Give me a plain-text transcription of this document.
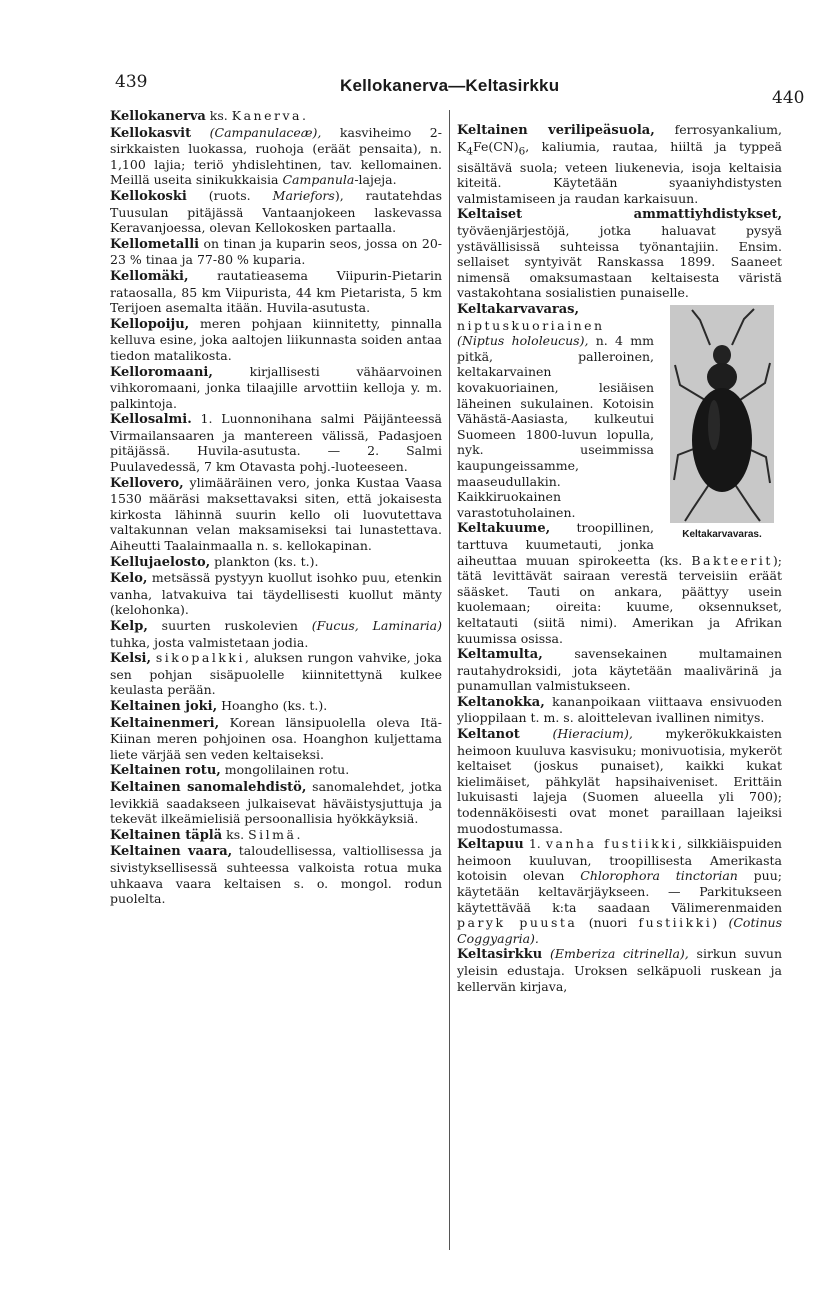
439	Kellokanerva—Keltasirkku
440

Kellokanerva ks. Kanerva.

Kellokasvit (Campanulaceæ), kasviheimo 2-sirkkaisten luokassa, ruohoja (eräät pensaita), n. 1,100 lajia; teriö yhdislehtinen, tav. kellomainen. Meillä useita sinikukkaisia Campanula-lajeja.

Kellokoski (ruots. Mariefors), rautatehdas Tuusulan pitäjässä Vantaanjokeen laskevassa Keravanjoessa, olevan Kellokosken partaalla.

Kellometalli on tinan ja kuparin seos, jossa on 20-23 % tinaa ja 77-80 % kuparia.

Kellomäki, rautatieasema Viipurin-Pietarin rataosalla, 85 km Viipurista, 44 km Pietarista, 5 km Terijoen asemalta itään. Huvila-asutusta.

Kellopoiju, meren pohjaan kiinnitetty, pinnalla kelluva esine, joka aaltojen liikunnasta soiden antaa tiedon matalikosta.

Kelloromaani, kirjallisesti vähäarvoinen vihkoromaani, jonka tilaajille arvottiin kelloja y. m. palkintoja.

Kellosalmi. 1. Luonnonihana salmi Päijänteessä Virmailansaaren ja mantereen välissä, Padasjoen pitäjässä. Huvila-asutusta. — 2. Salmi Puulavedessä, 7 km Otavasta pohj.-luoteeseen.

Kellovero, ylimääräinen vero, jonka Kustaa Vaasa 1530 määräsi maksettavaksi siten, että jokaisesta kirkosta lähinnä suurin kello oli luovutettava valtakunnan velan maksamiseksi tai lunastettava. Aiheutti Taalainmaalla n. s. kellokapinan.

Kellujaelosto, plankton (ks. t.).

Kelo, metsässä pystyyn kuollut isohko puu, etenkin vanha, latvakuiva tai täydellisesti kuollut mänty (kelohonka).

Kelp, suurten ruskolevien (Fucus, Laminaria) tuhka, josta valmistetaan jodia.

Kelsi, sikopalkki, aluksen rungon vahvike, joka sen pohjan sisäpuolelle kiinnitettynä kulkee keulasta perään.

Keltainen joki, Hoangho (ks. t.).

Keltainenmeri, Korean länsipuolella oleva Itä-Kiinan meren pohjoinen osa. Hoanghon kuljettama liete värjää sen veden keltaiseksi.

Keltainen rotu, mongolilainen rotu.

Keltainen sanomalehdistö, sanomalehdet, jotka levikkiä saadakseen julkaisevat häväistysjuttuja ja tekevät ilkeämielisiä persoonallisia hyökkäyksiä.

Keltainen täplä ks. Silmä.

Keltainen vaara, taloudellisessa, valtiollisessa ja sivistyksellisessä suhteessa valkoista rotua muka uhkaava vaara keltaisen s. o. mongol. rodun puolelta.

Keltainen verilipeäsuola, ferrosyankalium, $K_4Fe(CN)_6$, kaliumia, rautaa, hiiltä ja typpeä sisältävä suola; veteen liukenevia, isoja keltaisia kiteitä. Käytetään syaaniyhdistysten valmistamiseen ja raudan karkaisuun.

Keltaiset ammattiyhdistykset, työväenjärjestöjä, jotka haluavat pysyä ystävällisissä suhteissa työnantajiin. Ensim. sellaiset syntyivät Ranskassa 1899. Saaneet nimensä omaksumastaan keltaisesta väristä vastakohtana sosialistien punaiselle.

Keltakarvavaras.

Keltakarvavaras, niptuskuoriainen (Niptus hololeucus), n. 4 mm pitkä, palleroinen, keltakarvainen kovakuoriainen, lesiäisen läheinen sukulainen. Kotoisin Vähästä-Aasiasta, kulkeutui Suomeen 1800-luvun lopulla, nyk. useimmissa kaupungeissamme, maaseudullakin. Kaikkiruokainen varastotuholainen.

Keltakuume, troopillinen, tarttuva kuumetauti, jonka aiheuttaa muuan spirokeetta (ks. Bakteerit); tätä levittävät sairaan verestä terveisiin eräät sääsket. Tauti on ankara, päättyy usein kuolemaan; oireita: kuume, oksennukset, keltatauti (siitä nimi). Amerikan ja Afrikan kuumissa osissa.

Keltamulta, savensekainen multamainen rautahydroksidi, jota käytetään maalivärinä ja punamullan valmistukseen.

Keltanokka, kananpoikaan viittaava ensivuoden ylioppilaan t. m. s. aloittelevan ivallinen nimitys.

Keltanot	(Hieracium), mykerökukkaisten heimoon kuuluva kasvisuku; monivuotisia, mykeröt keltaiset (joskus punaiset), kaikki kukat kielimäiset, pähkylät hapsihaiveniset. Erittäin lukuisasti lajeja (Suomen alueella yli 700); todennäköisesti ovat monet paraillaan lajeiksi muodostumassa.

Keltapuu 1. vanha fustiikki, silkkiäispuiden heimoon kuuluvan, troopillisesta Amerikasta kotoisin olevan Chlorophora tinctorian puu; käytetään keltavärjäykseen. — Parkitukseen käytettävää k:ta saadaan Välimerenmaiden paryk puusta (nuori fustiikki) (Cotinus Coggyagria).

Keltasirkku (Emberiza citrinella), sirkun suvun yleisin edustaja. Uroksen selkäpuoli ruskean ja kellervän kirjava,
